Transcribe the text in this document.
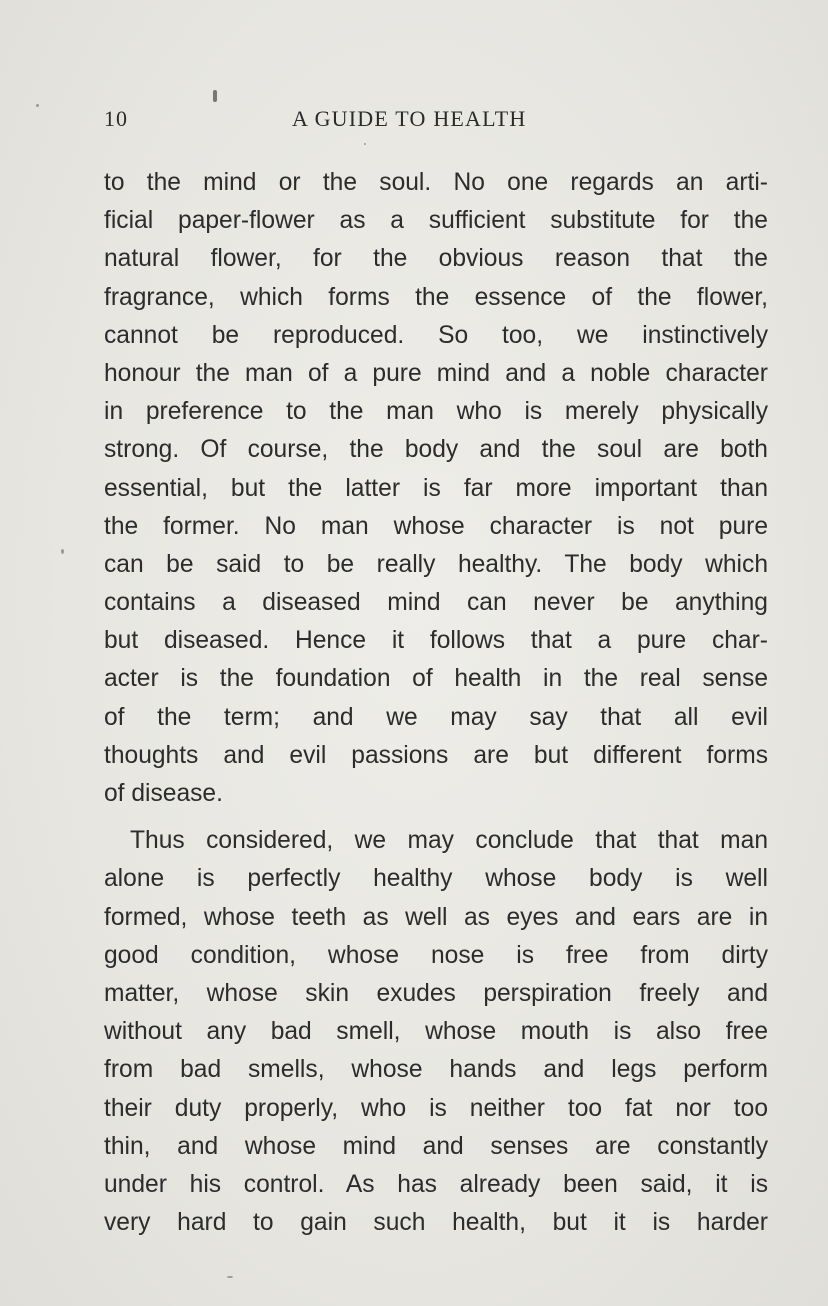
10	A GUIDE TO HEALTH
to the mind or the soul. No one regards an arti-
ficial paper-flower as a sufficient substitute for the
natural flower, for the obvious reason that the
fragrance, which forms the essence of the flower,
cannot be reproduced. So too, we instinctively
honour the man of a pure mind and a noble character
in preference to the man who is merely physically
strong. Of course, the body and the soul are both
essential, but the latter is far more important than
the former. No man whose character is not pure
can be said to be really healthy. The body which
contains a diseased mind can never be anything
but diseased. Hence it follows that a pure char-
acter is the foundation of health in the real sense
of the term; and we may say that all evil
thoughts and evil passions are but different forms
of disease.
Thus considered, we may conclude that that man
alone is perfectly healthy whose body is well
formed, whose teeth as well as eyes and ears are in
good condition, whose nose is free from dirty
matter, whose skin exudes perspiration freely and
without any bad smell, whose mouth is also free
from bad smells, whose hands and legs perform
their duty properly, who is neither too fat nor too
thin, and whose mind and senses are constantly
under his control. As has already been said, it is
very hard to gain such health, but it is harder
